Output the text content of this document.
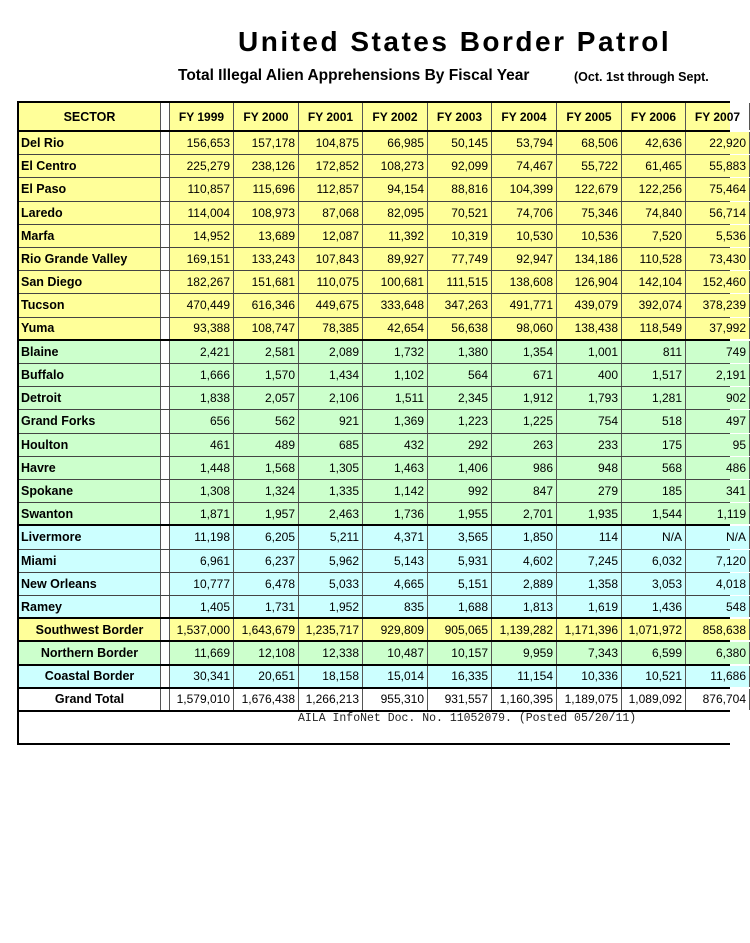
United States Border Patrol
Total Illegal Alien Apprehensions By Fiscal Year	(Oct. 1st through Sept.
SECTOR	FY 1999	FY 2000	FY 2001	FY 2002	FY 2003	FY 2004	FY 2005	FY 2006	FY 2007
Del Rio	156,653	157,178	104,875	66,985	50,145	53,794	68,506	42,636	22,920
El Centro	225,279	238,126	172,852	108,273	92,099	74,467	55,722	61,465	55,883
El Paso	110,857	115,696	112,857	94,154	88,816	104,399	122,679	122,256	75,464
Laredo	114,004	108,973	87,068	82,095	70,521	74,706	75,346	74,840	56,714
Marfa	14,952	13,689	12,087	11,392	10,319	10,530	10,536	7,520	5,536
Rio Grande Valley	169,151	133,243	107,843	89,927	77,749	92,947	134,186	110,528	73,430
San Diego	182,267	151,681	110,075	100,681	111,515	138,608	126,904	142,104	152,460
Tucson	470,449	616,346	449,675	333,648	347,263	491,771	439,079	392,074	378,239
Yuma	93,388	108,747	78,385	42,654	56,638	98,060	138,438	118,549	37,992
Blaine	2,421	2,581	2,089	1,732	1,380	1,354	1,001	811	749
Buffalo	1,666	1,570	1,434	1,102	564	671	400	1,517	2,191
Detroit	1,838	2,057	2,106	1,511	2,345	1,912	1,793	1,281	902
Grand Forks	656	562	921	1,369	1,223	1,225	754	518	497
Houlton	461	489	685	432	292	263	233	175	95
Havre	1,448	1,568	1,305	1,463	1,406	986	948	568	486
Spokane	1,308	1,324	1,335	1,142	992	847	279	185	341
Swanton	1,871	1,957	2,463	1,736	1,955	2,701	1,935	1,544	1,119
Livermore	11,198	6,205	5,211	4,371	3,565	1,850	114	N/A	N/A
Miami	6,961	6,237	5,962	5,143	5,931	4,602	7,245	6,032	7,120
New Orleans	10,777	6,478	5,033	4,665	5,151	2,889	1,358	3,053	4,018
Ramey	1,405	1,731	1,952	835	1,688	1,813	1,619	1,436	548
Southwest Border	1,537,000 1,643,679 1,235,717	929,809	905,065 1,139,282 1,171,396 1,071,972	858,638
Northern Border	11,669	12,108	12,338	10,487	10,157	9,959	7,343	6,599	6,380
Coastal Border	30,341	20,651	18,158	15,014	16,335	11,154	10,336	10,521	11,686
Grand Total	1,579,010 1,676,438 1,266,213	955,310	931,557 1,160,395 1,189,075 1,089,092	876,704
AILA InfoNet Doc. No. 11052079. (Posted 05/20/11)
